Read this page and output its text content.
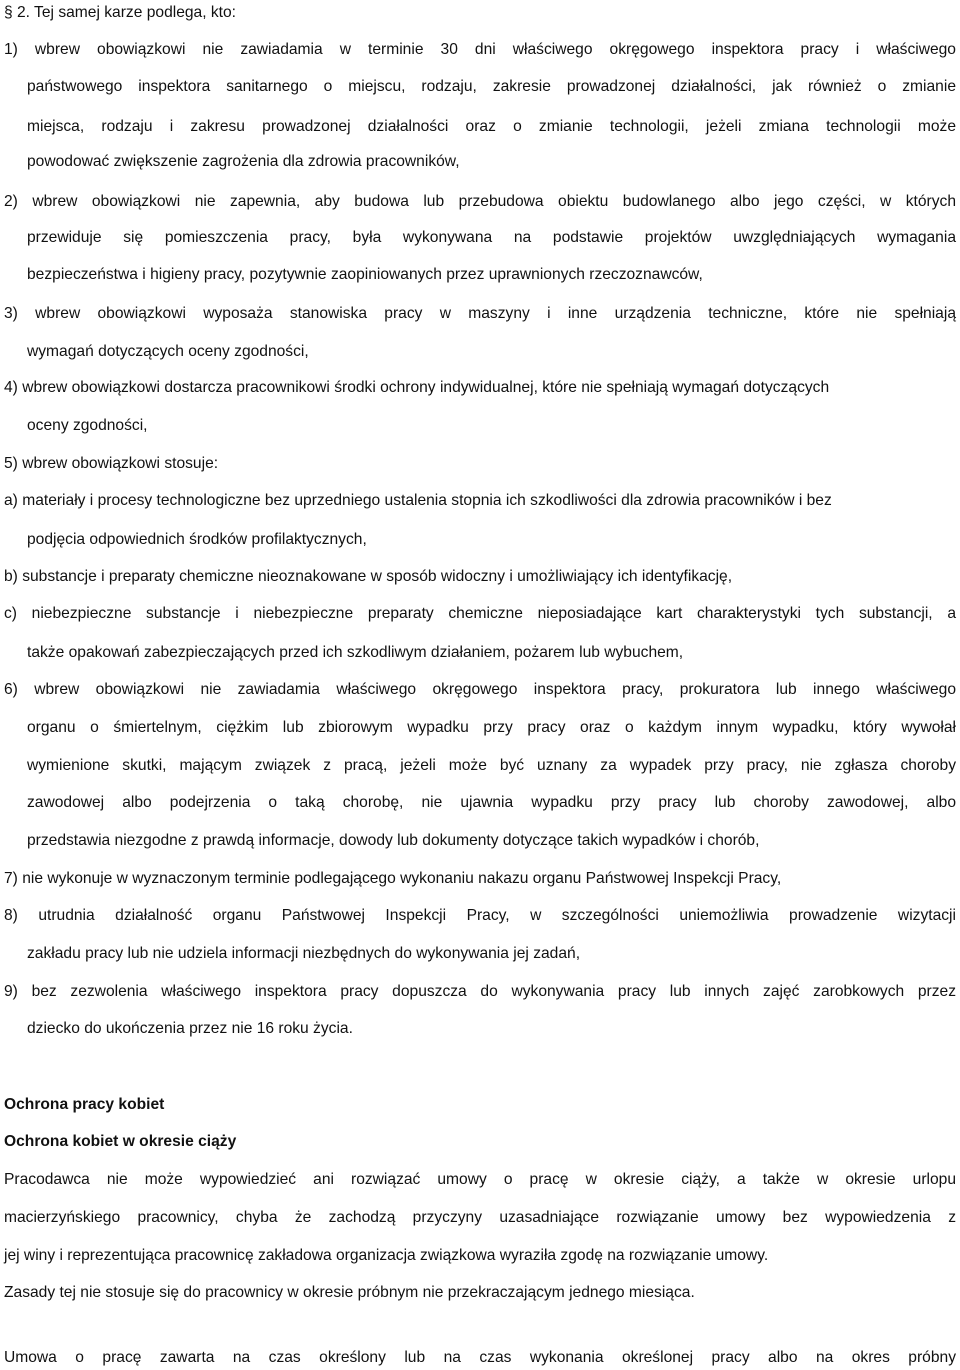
§ 2. Tej samej karze podlega, kto:
1) wbrew obowiązkowi nie zawiadamia w terminie 30 dni właściwego okręgowego inspektora pracy i właściwego
państwowego inspektora sanitarnego o miejscu, rodzaju, zakresie prowadzonej działalności, jak również o zmianie
miejsca, rodzaju i zakresu prowadzonej działalności oraz o zmianie technologii, jeżeli zmiana technologii może
powodować zwiększenie zagrożenia dla zdrowia pracowników,
2) wbrew obowiązkowi nie zapewnia, aby budowa lub przebudowa obiektu budowlanego albo jego części, w których
przewiduje się pomieszczenia pracy, była wykonywana na podstawie projektów uwzględniających wymagania
bezpieczeństwa i higieny pracy, pozytywnie zaopiniowanych przez uprawnionych rzeczoznawców,
3) wbrew obowiązkowi wyposaża stanowiska pracy w maszyny i inne urządzenia techniczne, które nie spełniają
wymagań dotyczących oceny zgodności,
4) wbrew obowiązkowi dostarcza pracownikowi środki ochrony indywidualnej, które nie spełniają wymagań dotyczących
oceny zgodności,
5) wbrew obowiązkowi stosuje:
a) materiały i procesy technologiczne bez uprzedniego ustalenia stopnia ich szkodliwości dla zdrowia pracowników i bez
podjęcia odpowiednich środków profilaktycznych,
b) substancje i preparaty chemiczne nieoznakowane w sposób widoczny i umożliwiający ich identyfikację,
c) niebezpieczne substancje i niebezpieczne preparaty chemiczne nieposiadające kart charakterystyki tych substancji, a
także opakowań zabezpieczających przed ich szkodliwym działaniem, pożarem lub wybuchem,
6) wbrew obowiązkowi nie zawiadamia właściwego okręgowego inspektora pracy, prokuratora lub innego właściwego
organu o śmiertelnym, ciężkim lub zbiorowym wypadku przy pracy oraz o każdym innym wypadku, który wywołał
wymienione skutki, mającym związek z pracą, jeżeli może być uznany za wypadek przy pracy, nie zgłasza choroby
zawodowej albo podejrzenia o taką chorobę, nie ujawnia wypadku przy pracy lub choroby zawodowej, albo
przedstawia niezgodne z prawdą informacje, dowody lub dokumenty dotyczące takich wypadków i chorób,
7) nie wykonuje w wyznaczonym terminie podlegającego wykonaniu nakazu organu Państwowej Inspekcji Pracy,
8) utrudnia działalność organu Państwowej Inspekcji Pracy, w szczególności uniemożliwia prowadzenie wizytacji
zakładu pracy lub nie udziela informacji niezbędnych do wykonywania jej zadań,
9) bez zezwolenia właściwego inspektora pracy dopuszcza do wykonywania pracy lub innych zajęć zarobkowych przez
dziecko do ukończenia przez nie 16 roku życia.
Ochrona pracy kobiet
Ochrona kobiet w okresie ciąży
Pracodawca nie może wypowiedzieć ani rozwiązać umowy o pracę w okresie ciąży, a także w okresie urlopu
macierzyńskiego pracownicy, chyba że zachodzą przyczyny uzasadniające rozwiązanie umowy bez wypowiedzenia z
jej winy i reprezentująca pracownicę zakładowa organizacja związkowa wyraziła zgodę na rozwiązanie umowy.
Zasady tej nie stosuje się do pracownicy w okresie próbnym nie przekraczającym jednego miesiąca.
Umowa o pracę zawarta na czas określony lub na czas wykonania określonej pracy albo na okres próbny
